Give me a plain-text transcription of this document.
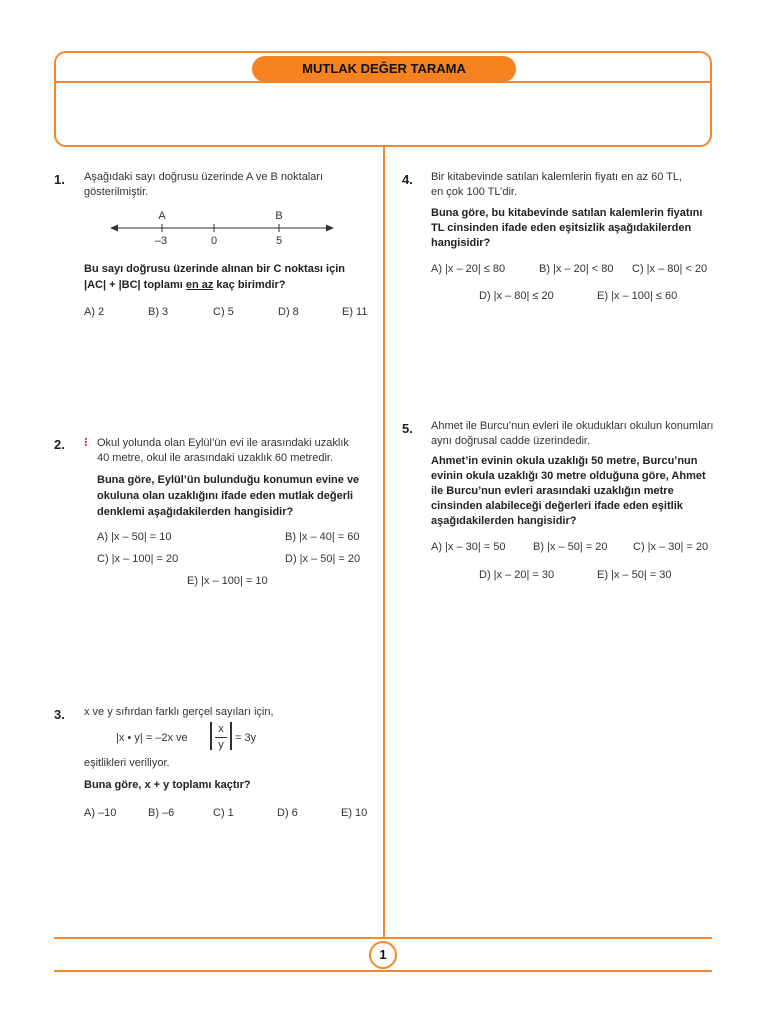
MUTLAK DEĞER TARAMA
1
1. Aşağıdaki sayı doğrusu üzerinde A ve B noktaları
gösterilmiştir.
A	B
–3	0	5
Bu sayı doğrusu üzerinde alınan bir C noktası için
|AC| + |BC| toplamı en az kaç birimdir?
A) 2	B) 3	C) 5	D) 8	E) 11
2. ⁝ Okul yolunda olan Eylül’ün evi ile arasındaki uzaklık
40 metre, okul ile arasındaki uzaklık 60 metredir.
Buna göre, Eylül’ün bulunduğu konumun evine ve
okuluna olan uzaklığını ifade eden mutlak değerli
denklemi aşağıdakilerden hangisidir?
A) |x – 50| = 10	B) |x – 40| = 60
C) |x – 100| = 20	D) |x – 50| = 20
E) |x – 100| = 10
3. x ve y sıfırdan farklı gerçel sayıları için,
|x • y| = –2x ve
x
y
= 3y
eşitlikleri veriliyor.
Buna göre, x + y toplamı kaçtır?
A) –10	B) –6	C) 1	D) 6	E) 10
4. Bir kitabevinde satılan kalemlerin fiyatı en az 60 TL,
en çok 100 TL’dir.
Buna göre, bu kitabevinde satılan kalemlerin fiyatını
TL cinsinden ifade eden eşitsizlik aşağıdakilerden
hangisidir?
A) |x – 20| ≤ 80	B) |x – 20| < 80 C) |x – 80| < 20
D) |x – 80| ≤ 20	E) |x – 100| ≤ 60
5. Ahmet ile Burcu’nun evleri ile okudukları okulun konumları
aynı doğrusal cadde üzerindedir.
Ahmet’in evinin okula uzaklığı 50 metre, Burcu’nun
evinin okula uzaklığı 30 metre olduğuna göre, Ahmet
ile Burcu’nun evleri arasındaki uzaklığın metre
cinsinden alabileceği değerleri ifade eden eşitlik
aşağıdakilerden hangisidir?
A) |x – 30| = 50 B) |x – 50| = 20 C) |x – 30| = 20
D) |x – 20| = 30	E) |x – 50| = 30
